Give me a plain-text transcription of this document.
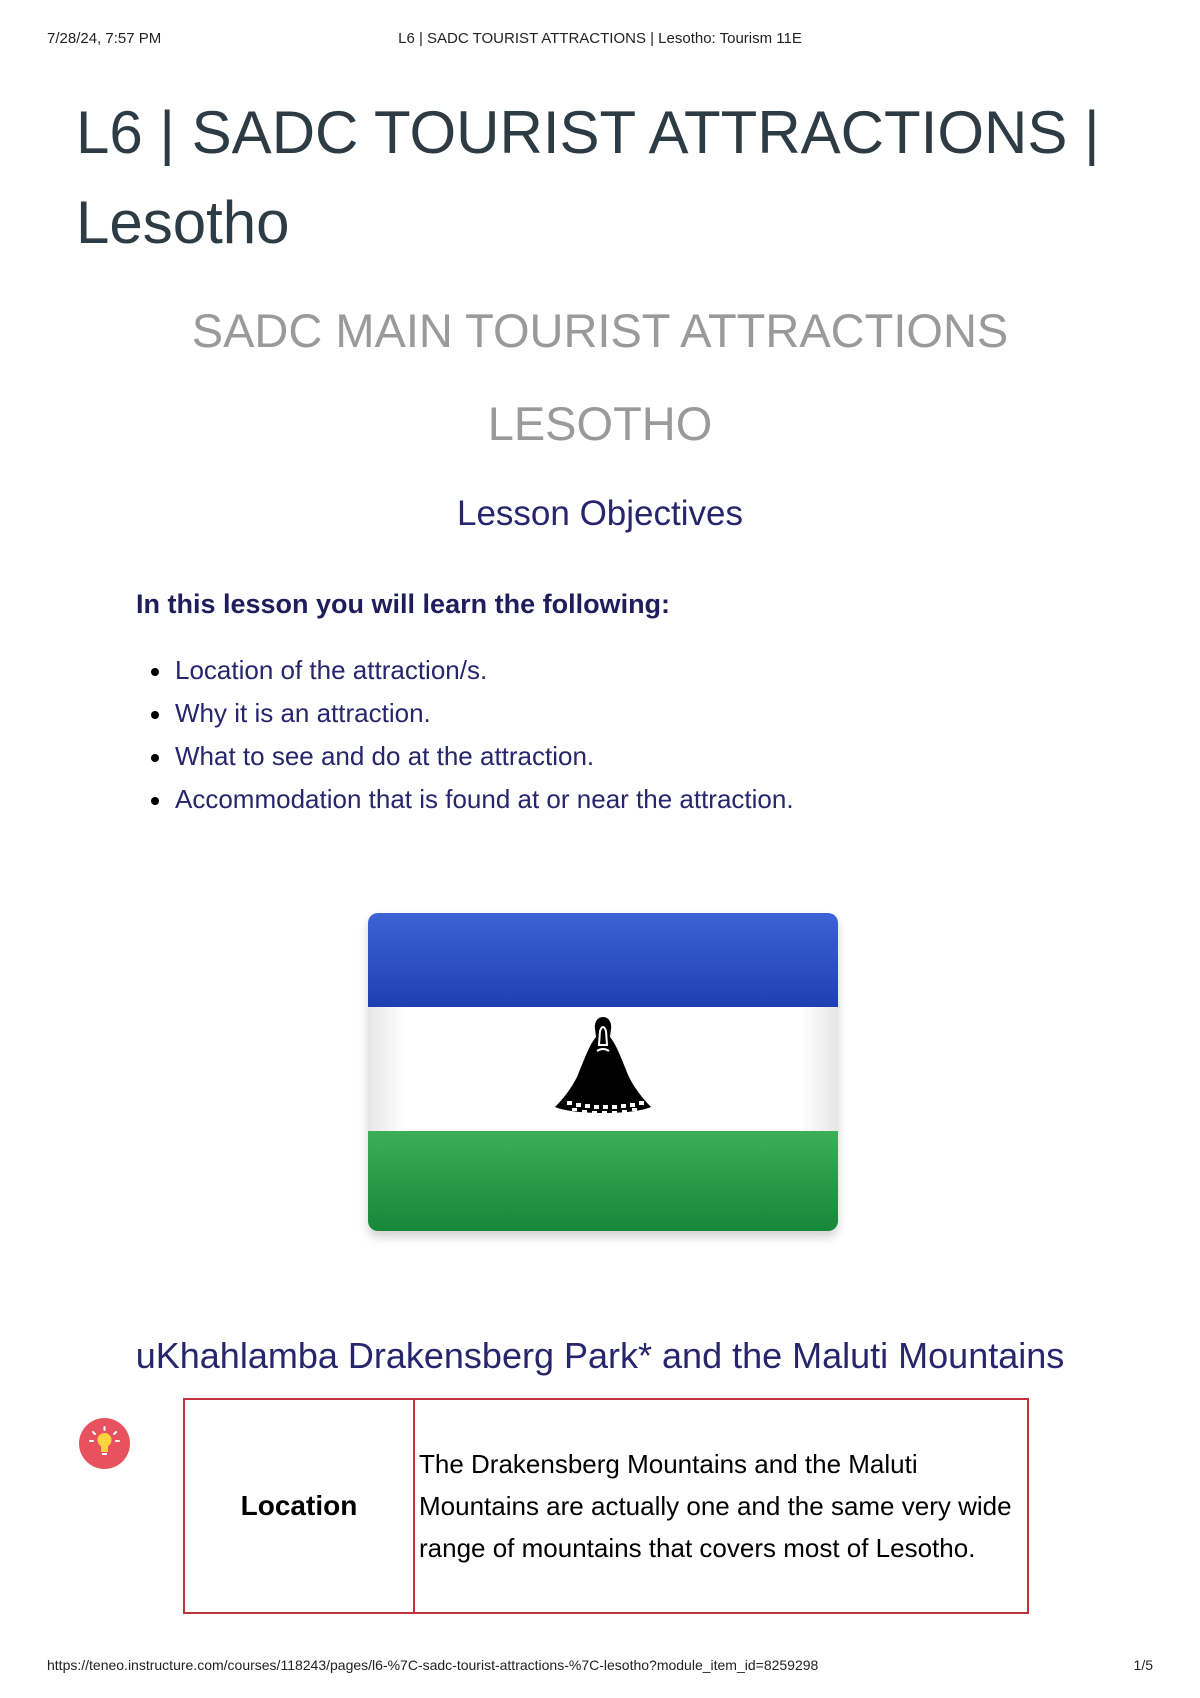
7/28/24, 7:57 PM	L6 | SADC TOURIST ATTRACTIONS | Lesotho: Tourism 11E
L6 | SADC TOURIST ATTRACTIONS |
Lesotho
SADC MAIN TOURIST ATTRACTIONS
LESOTHO
Lesson Objectives

In this lesson you will learn the following:

Location of the attraction/s.
Why it is an attraction.
What to see and do at the attraction.
Accommodation that is found at or near the attraction.
uKhahlamba Drakensberg Park* and the Maluti Mountains
Location	The Drakensberg Mountains and the Maluti Mountains are actually one and the same very wide range of mountains that covers most of Lesotho.
https://teneo.instructure.com/courses/118243/pages/l6-%7C-sadc-tourist-attractions-%7C-lesotho?module_item_id=8259298	1/5
